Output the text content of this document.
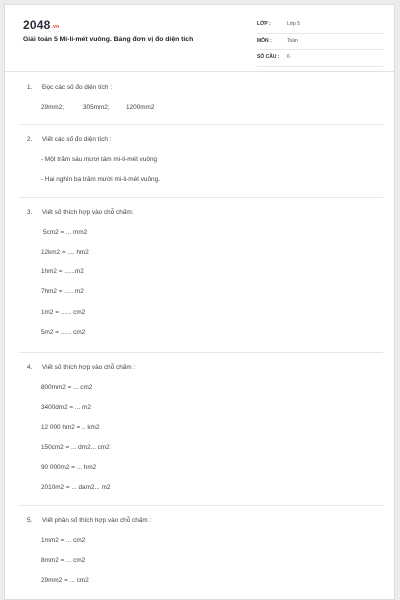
2048.vn
Giải toán 5 Mi-li-mét vuông. Bảng đơn vị đo diện tích
LỚP :	Lớp 5
MÔN :	Toán
SỐ CÂU : 6
1. Đọc các số đo diện tích :
29mm2;	305mm2;	1200mm2
2. Viết các số đo diện tích :
- Một trăm sáu mươi tám mi-li-mét vuông
- Hai nghìn ba trăm mười mi-li-mét vuông.
3. Viết số thích hợp vào chỗ chấm:
5cm2 = ... mm2
12km2 = .... hm2
1hm2 = ......m2
7hm2 = ..... m2
1m2 = ...... cm2
5m2 = ...... cm2
4. Viết số thích hợp vào chỗ chấm :
800mm2 = ... cm2
3400dm2 = ... m2
12 000 hm2 = .. km2
150cm2 = ... dm2... cm2
90 000m2 = ... hm2
2010m2 = ... dam2... m2
5. Viết phân số thích hợp vào chỗ chấm :
1mm2 = ... cm2
8mm2 = ... cm2
29mm2 = ... cm2
